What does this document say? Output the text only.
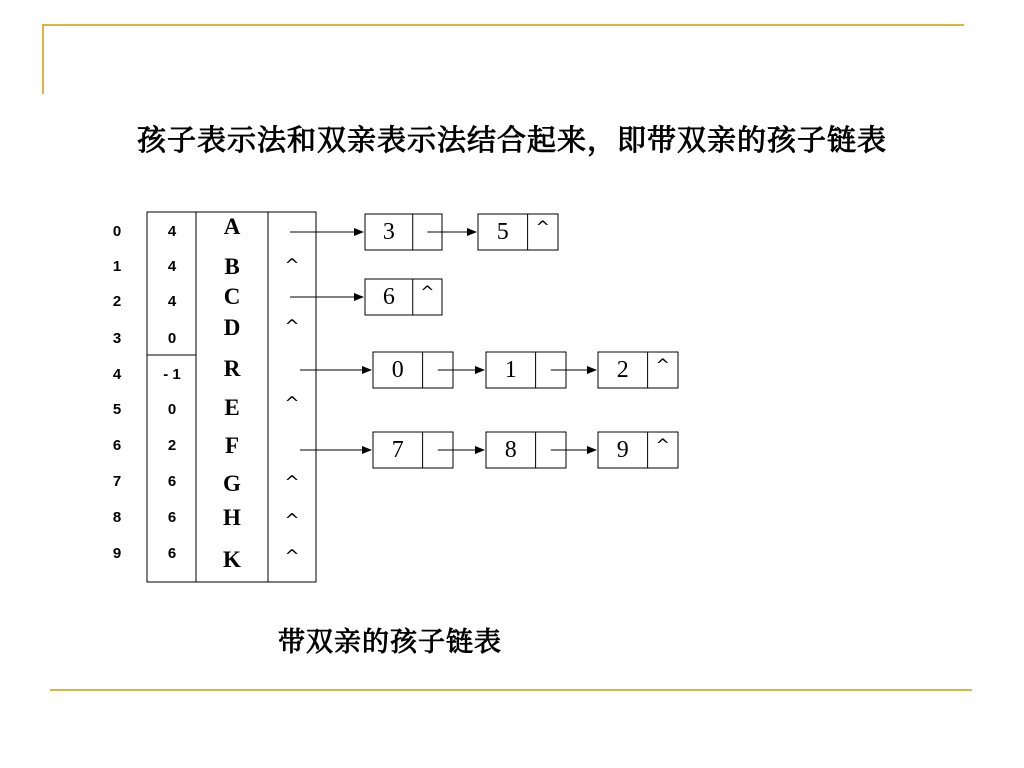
孩子表示法和双亲表示法结合起来，即带双亲的孩子链表
0	4	A
1	4	B	^
2	4	C
3	0	D	^
4	- 1	R
5	0	E	^
6	2	F
7	6	G	^
8	6	H	^
9	6	K	^
3	5	^
6	^
0	1	2	^
7	8	9	^
带双亲的孩子链表
